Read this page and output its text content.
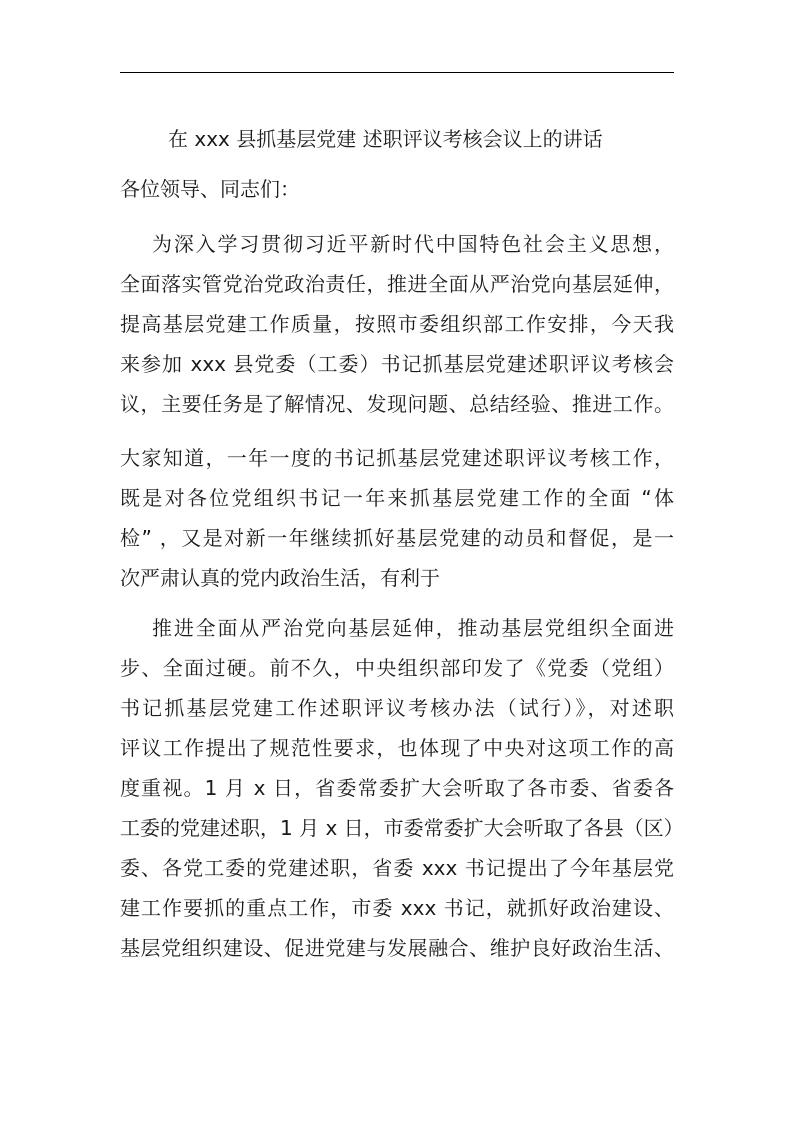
在 xxx 县抓基层党建 述职评议考核会议上的讲话
各位领导、同志们：
为深入学习贯彻习近平新时代中国特色社会主义思想，
全面落实管党治党政治责任，推进全面从严治党向基层延伸，
提高基层党建工作质量，按照市委组织部工作安排，今天我
来参加 xxx 县党委（工委）书记抓基层党建述职评议考核会
议，主要任务是了解情况、发现问题、总结经验、推进工作。
大家知道，一年一度的书记抓基层党建述职评议考核工作，
既是对各位党组织书记一年来抓基层党建工作的全面 “体
检” ，又是对新一年继续抓好基层党建的动员和督促，是一
次严肃认真的党内政治生活，有利于
推进全面从严治党向基层延伸，推动基层党组织全面进
步、全面过硬。前不久，中央组织部印发了《党委（党组）
书记抓基层党建工作述职评议考核办法（试行）》，对述职
评议工作提出了规范性要求，也体现了中央对这项工作的高
度重视。1 月 x 日，省委常委扩大会听取了各市委、省委各
工委的党建述职，1 月 x 日，市委常委扩大会听取了各县（区）
委、各党工委的党建述职，省委 xxx 书记提出了今年基层党
建工作要抓的重点工作，市委 xxx 书记，就抓好政治建设、
基层党组织建设、促进党建与发展融合、维护良好政治生活、
